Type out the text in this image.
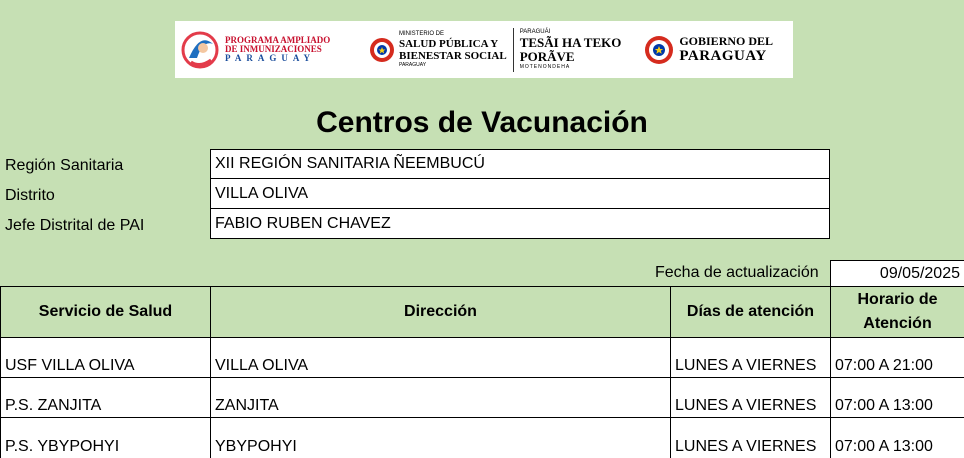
PROGRAMA AMPLIADO
DE INMUNIZACIONES
PARAGUAY
MINISTERIO DE
SALUD PÚBLICA Y
BIENESTAR SOCIAL
PARAGUAY
PARAGUÁI
TESÃI HA TEKO
PORÃVE
MOTENONDEHA
GOBIERNO DEL
PARAGUAY
Centros de Vacunación
Región Sanitaria	XII REGIÓN SANITARIA ÑEEMBUCÚ
Distrito	VILLA OLIVA
Jefe Distrital de PAI	FABIO RUBEN CHAVEZ
Fecha de actualización	09/05/2025
Servicio de Salud	Dirección	Días de atención	Horario de Atención
USF VILLA OLIVA	VILLA OLIVA	LUNES A VIERNES	07:00 A 21:00
P.S. ZANJITA	ZANJITA	LUNES A VIERNES	07:00 A 13:00
P.S. YBYPOHYI	YBYPOHYI	LUNES A VIERNES	07:00 A 13:00
